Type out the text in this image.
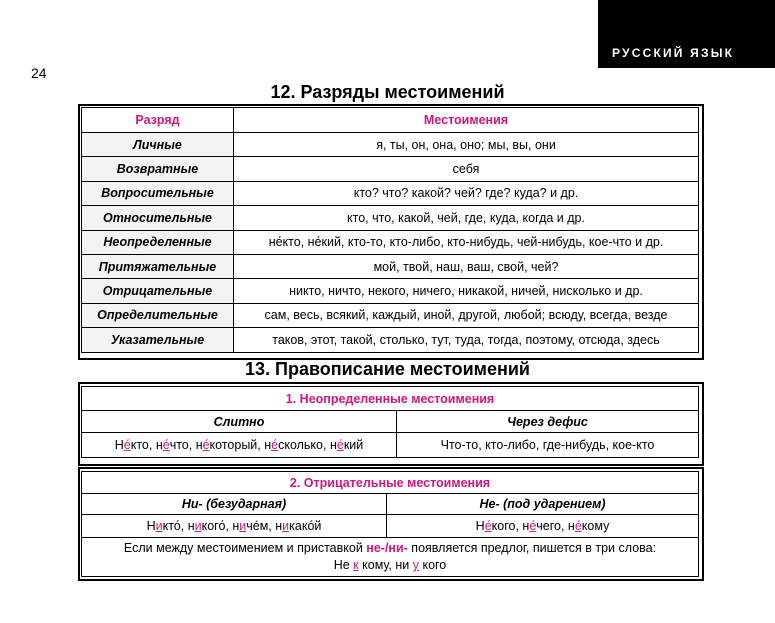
РУССКИЙ ЯЗЫК
24
12. Разряды местоимений
Разряд	Местоимения
Личные	я, ты, он, она, оно; мы, вы, они
Возвратные	себя
Вопросительные	кто? что? какой? чей? где? куда? и др.
Относительные	кто, что, какой, чей, где, куда, когда и др.
Неопределенные	не́кто, не́кий, кто-то, кто-либо, кто-нибудь, чей-нибудь, кое-что и др.
Притяжательные	мой, твой, наш, ваш, свой, чей?
Отрицательные	никто, ничто, некого, ничего, никакой, ничей, нисколько и др.
Определительные	сам, весь, всякий, каждый, иной, другой, любой; всюду, всегда, везде
Указательные	таков, этот, такой, столько, тут, туда, тогда, поэтому, отсюда, здесь
13. Правописание местоимений
1. Неопределенные местоимения	
Слитно	Через дефис
Не́кто, не́что, не́который, не́сколько, не́кий	Что-то, кто-либо, где-нибудь, кое-кто
2. Отрицательные местоимения	
Ни- (безударная)	Не- (под ударением)
Никто́, никого́, ничéм, никако́й	Не́кого, не́чего, не́кому
Если между местоимением и приставкой не-/ни- появляется предлог, пишется в три слова:
Не к кому, ни у кого	
